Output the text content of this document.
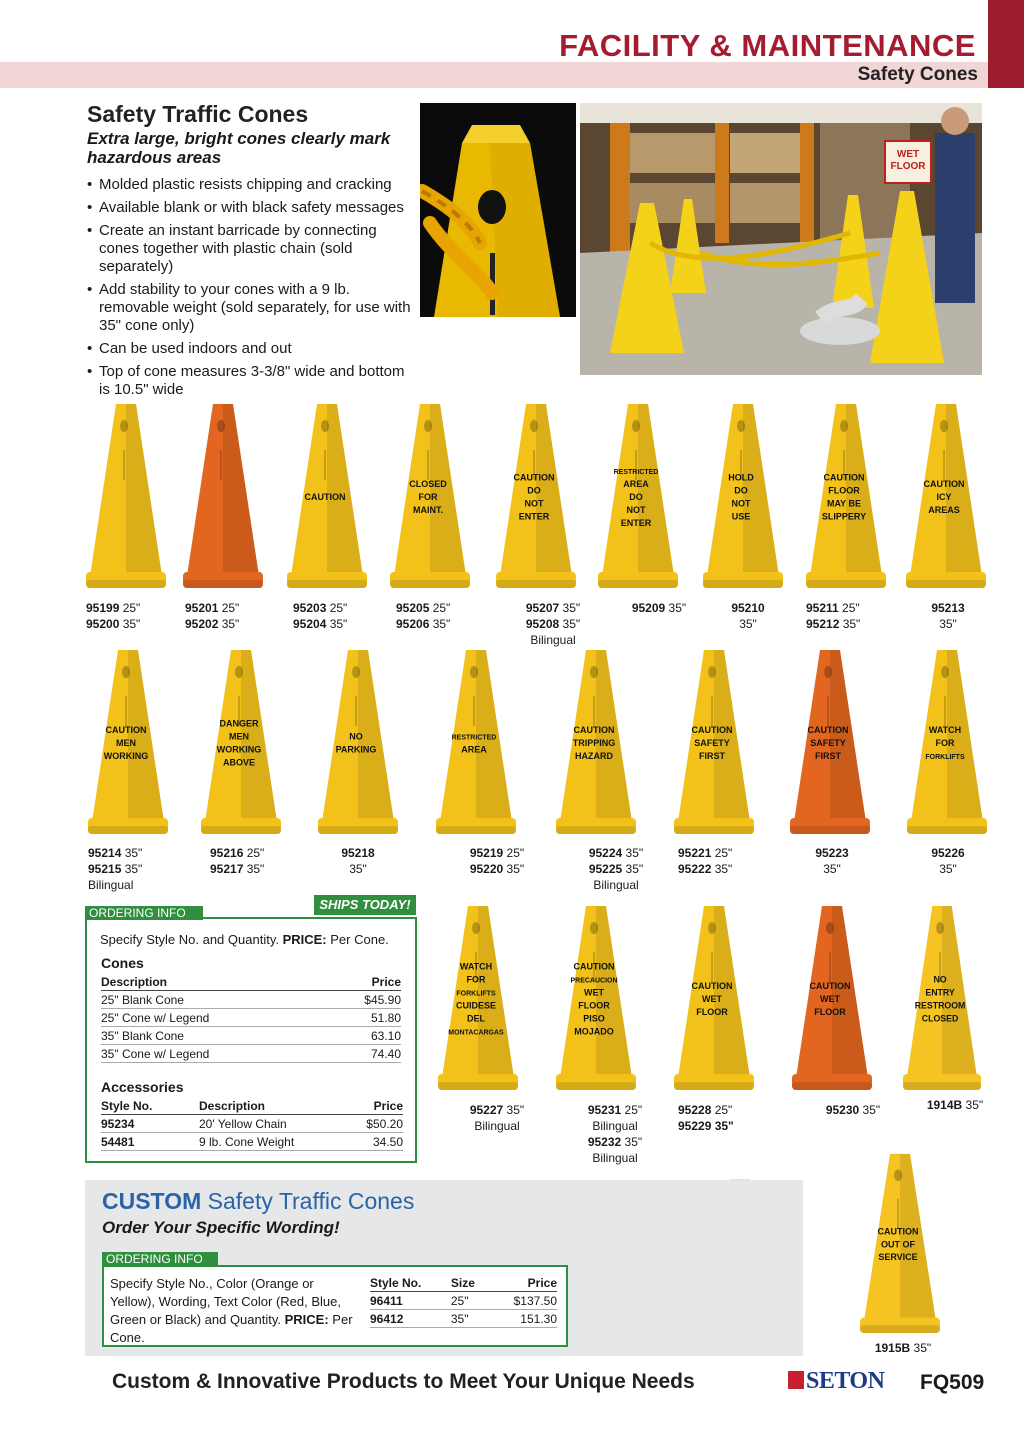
FACILITY & MAINTENANCE
Safety Cones
Safety Traffic Cones
Extra large, bright cones clearly mark hazardous areas
• Molded plastic resists chipping and cracking
• Available blank or with black safety messages
• Create an instant barricade by connecting cones together with plastic chain (sold separately)
• Add stability to your cones with a 9 lb. removable weight (sold separately, for use with 35" cone only)
• Can be used indoors and out
• Top of cone measures 3-3/8" wide and bottom is 10.5" wide
WET
FLOOR
95199 25"
95200 35"
95201 25"
95202 35"
CAUTION
95203 25"
95204 35"
CLOSED
FOR
MAINT.
95205 25"
95206 35"
CAUTION
DO
NOT
ENTER
95207 35"
95208 35"
Bilingual
RESTRICTED
AREA
DO
NOT
ENTER
95209 35"
HOLD
DO
NOT
USE
95210
35"
CAUTION
FLOOR
MAY BE
SLIPPERY
95211 25"
95212 35"
CAUTION
ICY
AREAS
95213
35"
CAUTION
MEN
WORKING
95214 35"
95215 35"
Bilingual
DANGER
MEN
WORKING
ABOVE
95216 25"
95217 35"
NO
PARKING
95218
35"
RESTRICTED
AREA
95219 25"
95220 35"
CAUTION
TRIPPING
HAZARD
95224 35"
95225 35"
Bilingual
CAUTION
SAFETY
FIRST
95221 25"
95222 35"
CAUTION
SAFETY
FIRST
95223
35"
WATCH
FOR
FORKLIFTS
95226
35"
WATCH
FOR
FORKLIFTS
CUIDESE
DEL
MONTACARGAS
95227 35"
Bilingual
CAUTION
PRECAUCION
WET
FLOOR
PISO
MOJADO
95231 25"
Bilingual
95232 35"
Bilingual
CAUTION
WET
FLOOR
95228 25"
95229 35"
CAUTION
WET
FLOOR
95230 35"
NO
ENTRY
RESTROOM
CLOSED
1914B 35"
CAUTION
OUT OF
SERVICE
1915B 35"
ORDERING INFO
SHIPS TODAY!
Specify Style No. and Quantity. PRICE: Per Cone.
Cones
Description	Price
25" Blank Cone	$45.90
25" Cone w/ Legend	51.80
35" Blank Cone	63.10
35" Cone w/ Legend	74.40
Accessories
Style No.	Description	Price
95234	20' Yellow Chain	$50.20
54481	9 lb. Cone Weight	34.50
CUSTOM Safety Traffic Cones
Order Your Specific Wording!
ORDERING INFO
Specify Style No., Color (Orange or Yellow), Wording, Text Color (Red, Blue, Green or Black) and Quantity. PRICE: Per Cone.
Style No.	Size	Price
96411	25"	$137.50
96412	35"	151.30
Custom & Innovative Products to Meet Your Unique Needs	SETON FQ509
